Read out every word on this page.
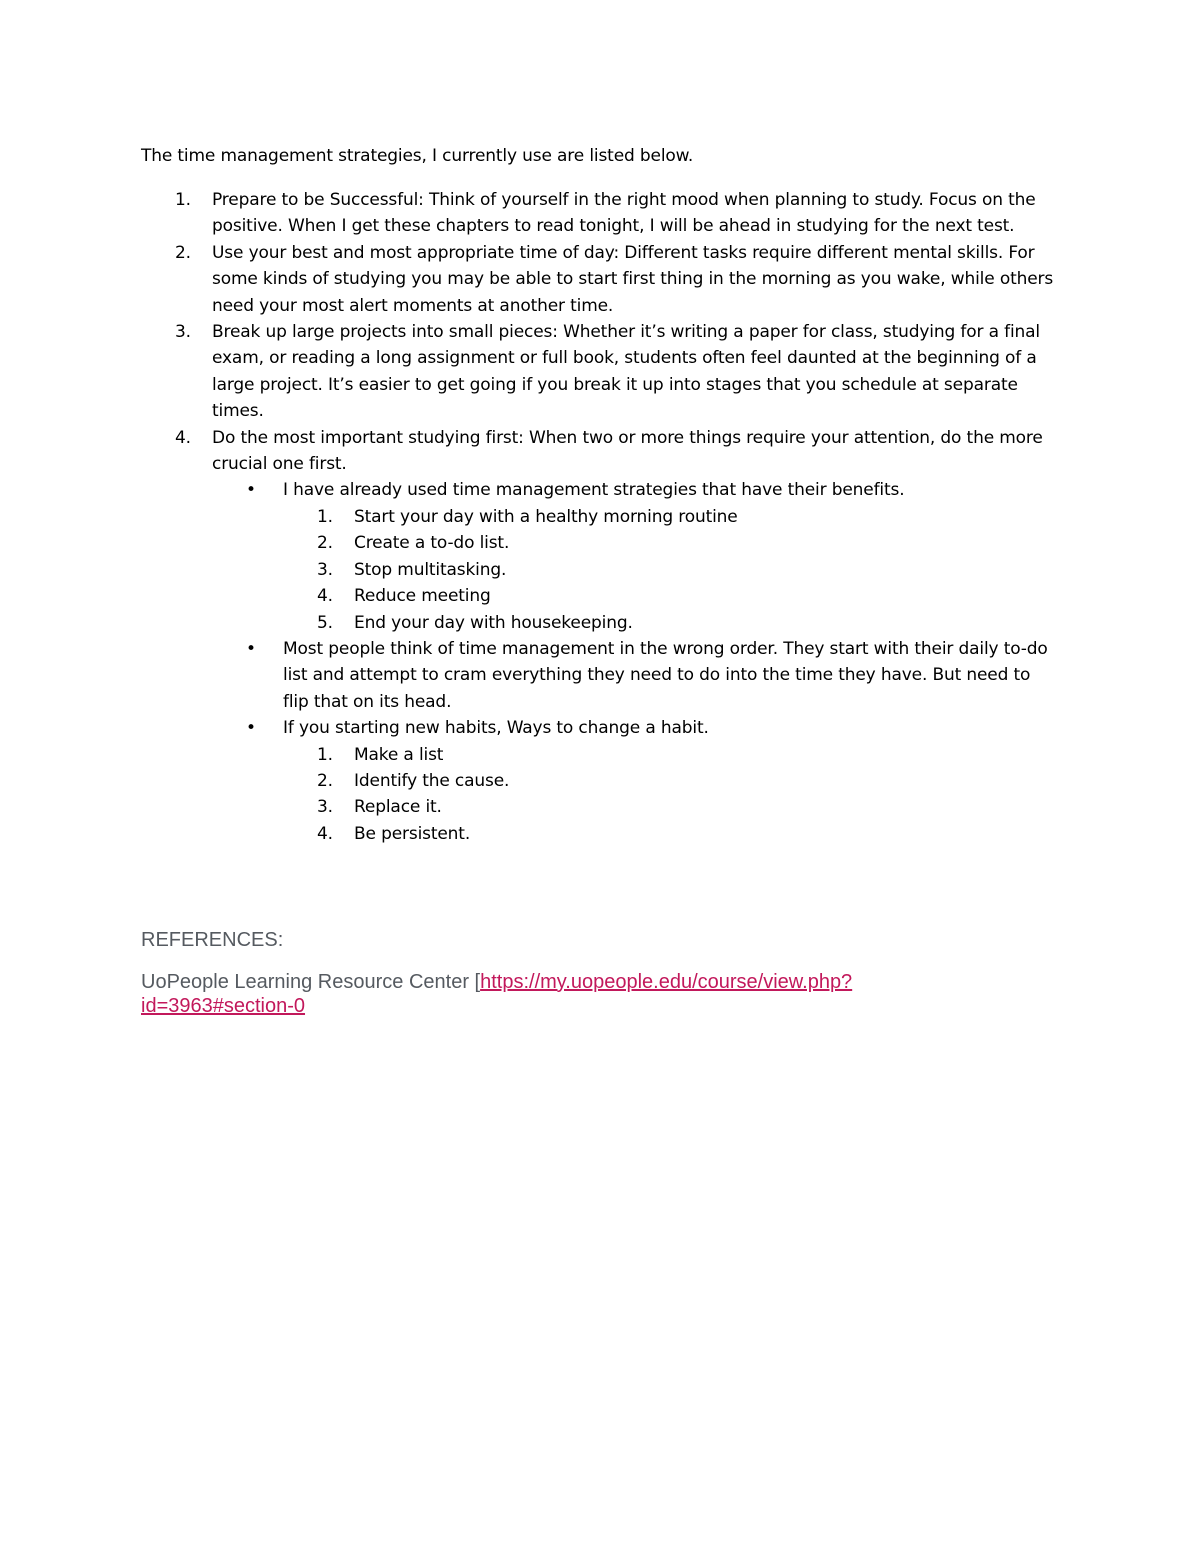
The time management strategies, I currently use are listed below.

1. Prepare to be Successful: Think of yourself in the right mood when planning to study. Focus on the positive. When I get these chapters to read tonight, I will be ahead in studying for the next test.
2. Use your best and most appropriate time of day: Different tasks require different mental skills. For some kinds of studying you may be able to start first thing in the morning as you wake, while others need your most alert moments at another time.
3. Break up large projects into small pieces: Whether it’s writing a paper for class, studying for a final exam, or reading a long assignment or full book, students often feel daunted at the beginning of a large project. It’s easier to get going if you break it up into stages that you schedule at separate times.
4. Do the most important studying first: When two or more things require your attention, do the more crucial one first.
• I have already used time management strategies that have their benefits.
1. Start your day with a healthy morning routine
2. Create a to-do list.
3. Stop multitasking.
4. Reduce meeting
5. End your day with housekeeping.
• Most people think of time management in the wrong order. They start with their daily to-do list and attempt to cram everything they need to do into the time they have. But need to flip that on its head.
• If you starting new habits, Ways to change a habit.
1. Make a list
2. Identify the cause.
3. Replace it.
4. Be persistent.

REFERENCES:

UoPeople Learning Resource Center [https://my.uopeople.edu/course/view.php?id=3963#section-0
